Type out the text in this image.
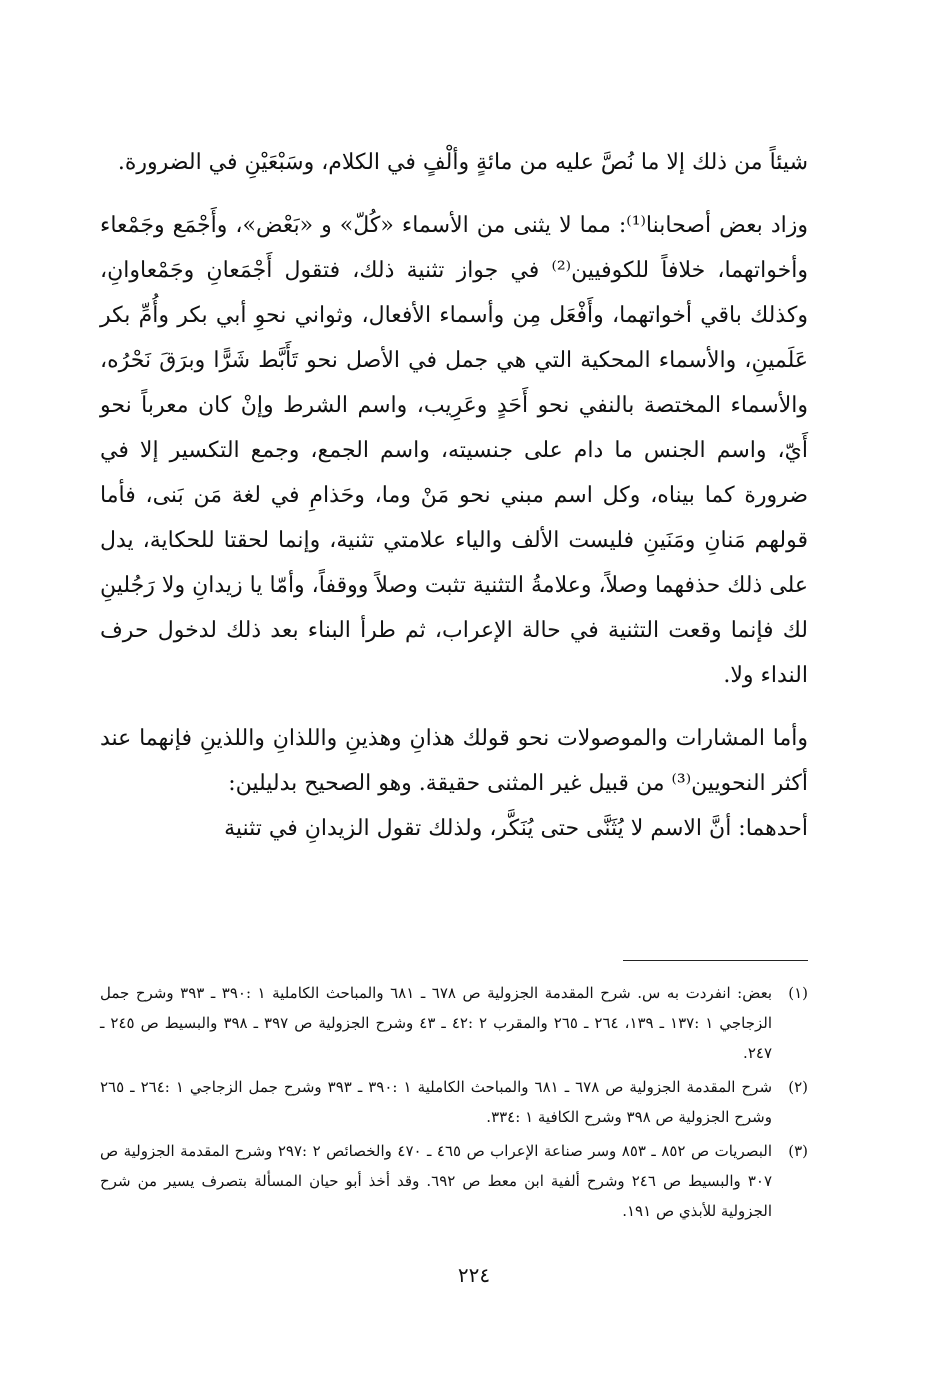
شيئاً من ذلك إلا ما نُصَّ عليه من مائةٍ وألْفٍ في الكلام، وسَبْعَيْنِ في الضرورة.

وزاد بعض أصحابنا⁽¹⁾: مما لا يثنى من الأسماء «كُلّ» و «بَعْض»، وأَجْمَع وجَمْعاء وأخواتهما، خلافاً للكوفيين⁽²⁾ في جواز تثنية ذلك، فتقول أَجْمَعانِ وجَمْعاوانِ، وكذلك باقي أخواتهما، وأَفْعَل مِن وأسماء الأفعال، وثواني نحوِ أبي بكر وأُمِّ بكر عَلَمينِ، والأسماء المحكية التي هي جمل في الأصل نحو تَأَبَّط شَرًّا وبرَقَ نَحْرُه، والأسماء المختصة بالنفي نحو أَحَدٍ وعَرِيب، واسم الشرط وإنْ كان معرباً نحو أَيّ، واسم الجنس ما دام على جنسيته، واسم الجمع، وجمع التكسير إلا في ضرورة كما بيناه، وكل اسم مبني نحو مَنْ وما، وحَذامِ في لغة مَن بَنى، فأما قولهم مَنانِ ومَنَينِ فليست الألف والياء علامتي تثنية، وإنما لحقتا للحكاية، يدل على ذلك حذفهما وصلاً، وعلامةُ التثنية تثبت وصلاً ووقفاً، وأمّا يا زيدانِ ولا رَجُلينِ لك فإنما وقعت التثنية في حالة الإعراب، ثم طرأ البناء بعد ذلك لدخول حرف النداء ولا.

وأما المشارات والموصولات نحو قولك هذانِ وهذينِ واللذانِ واللذينِ فإنهما عند أكثر النحويين⁽³⁾ من قبيل غير المثنى حقيقة. وهو الصحيح بدليلين:

أحدهما: أنَّ الاسم لا يُثَنَّى حتى يُنَكَّر، ولذلك تقول الزيدانِ في تثنية

(١)
بعض: انفردت به س. شرح المقدمة الجزولية ص ٦٧٨ ـ ٦٨١ والمباحث الكاملية ١ :٣٩٠ ـ ٣٩٣ وشرح جمل الزجاجي ١ :١٣٧ ـ ١٣٩، ٢٦٤ ـ ٢٦٥ والمقرب ٢ :٤٢ ـ ٤٣ وشرح الجزولية ص ٣٩٧ ـ ٣٩٨ والبسيط ص ٢٤٥ ـ ٢٤٧.
(٢)
شرح المقدمة الجزولية ص ٦٧٨ ـ ٦٨١ والمباحث الكاملية ١ :٣٩٠ ـ ٣٩٣ وشرح جمل الزجاجي ١ :٢٦٤ ـ ٢٦٥ وشرح الجزولية ص ٣٩٨ وشرح الكافية ١ :٣٣٤.
(٣)
البصريات ص ٨٥٢ ـ ٨٥٣ وسر صناعة الإعراب ص ٤٦٥ ـ ٤٧٠ والخصائص ٢ :٢٩٧ وشرح المقدمة الجزولية ص ٣٠٧ والبسيط ص ٢٤٦ وشرح ألفية ابن معط ص ٦٩٢. وقد أخذ أبو حيان المسألة بتصرف يسير من شرح الجزولية للأبذي ص ١٩١.
٢٢٤
